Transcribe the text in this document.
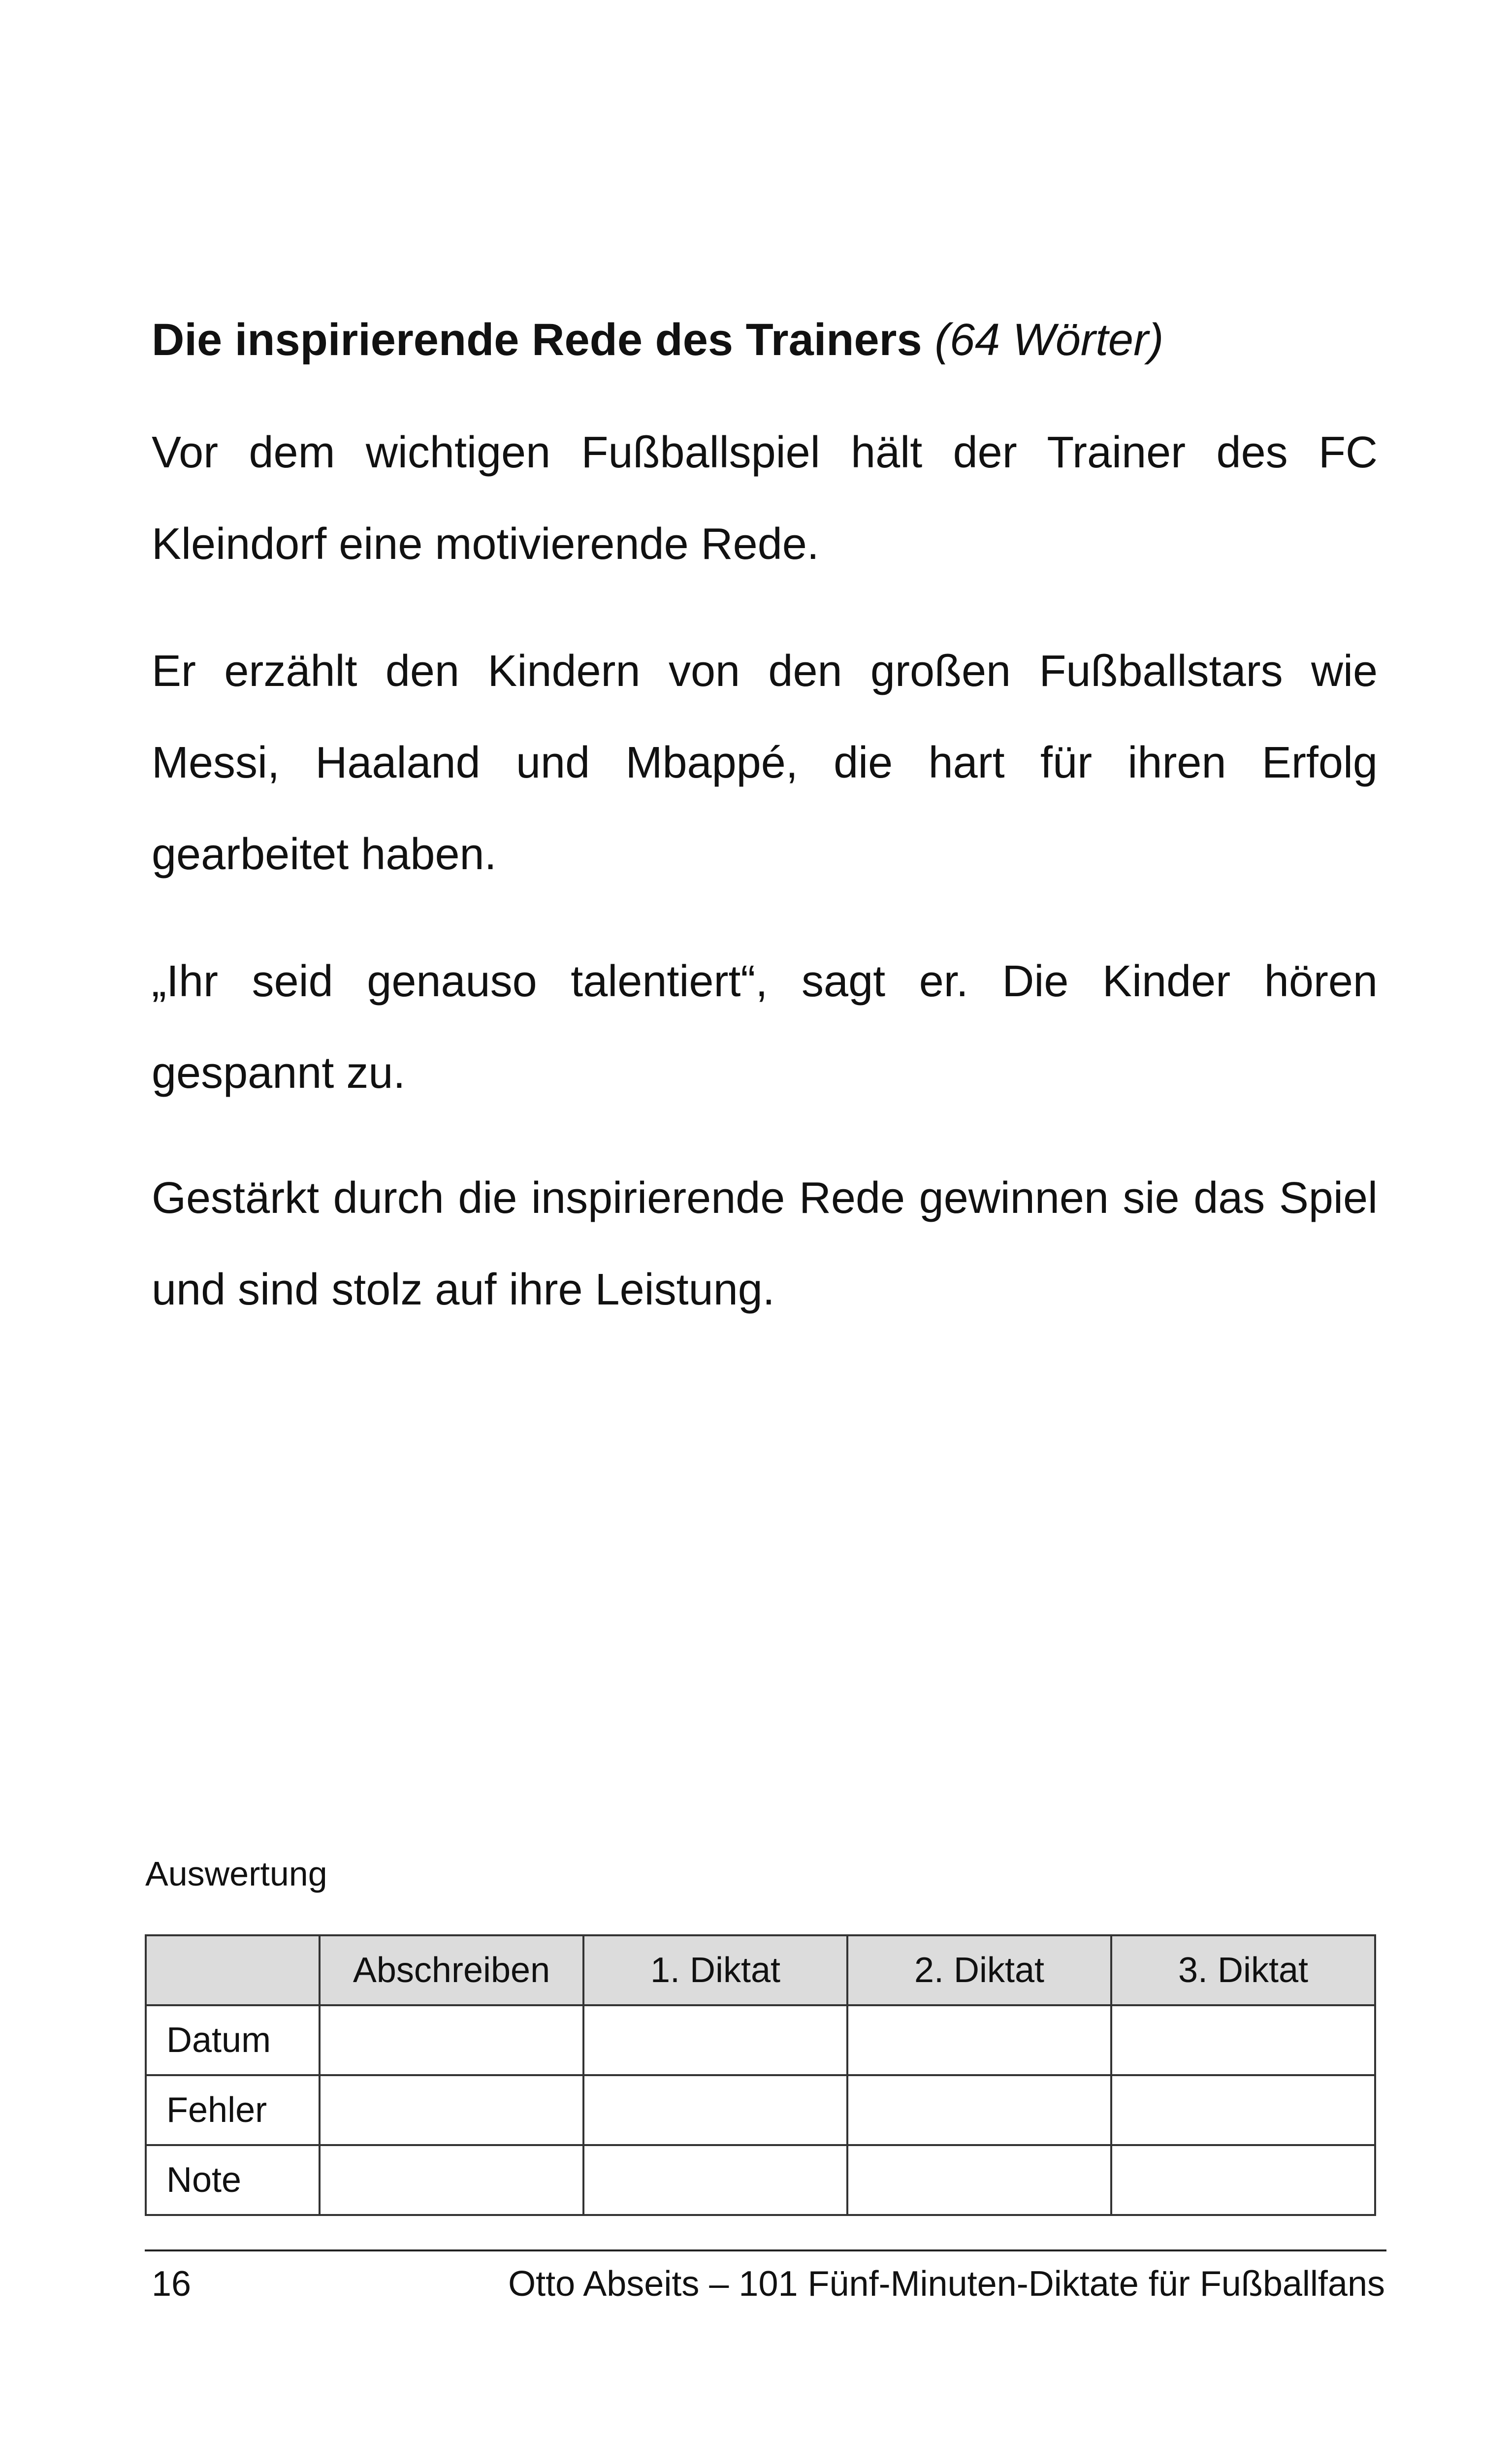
Die inspirierende Rede des Trainers (64 Wörter)

Vor dem wichtigen Fußballspiel hält der Trainer des FC Kleindorf eine motivierende Rede.

Er erzählt den Kindern von den großen Fußballstars wie Messi, Haaland und Mbappé, die hart für ihren Erfolg gearbeitet haben.

„Ihr seid genauso talentiert“, sagt er. Die Kinder hören gespannt zu.

Gestärkt durch die inspirierende Rede gewinnen sie das Spiel und sind stolz auf ihre Leistung.

Auswertung
	Abschreiben	1. Diktat	2. Diktat	3. Diktat
Datum				
Fehler				
Note				
16	Otto Abseits – 101 Fünf-Minuten-Diktate für Fußballfans
